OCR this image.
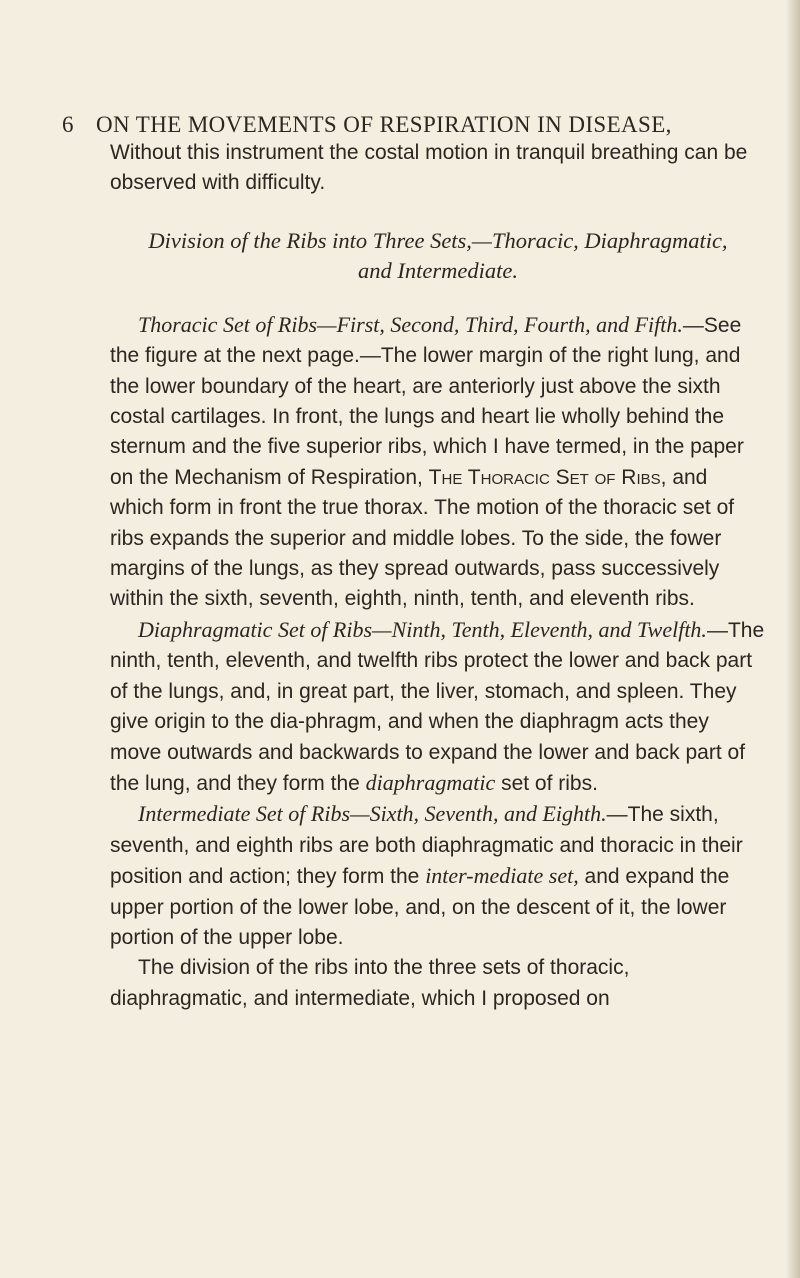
6 ON THE MOVEMENTS OF RESPIRATION IN DISEASE,

Without this instrument the costal motion in tranquil breathing can be observed with difficulty.

Division of the Ribs into Three Sets,—Thoracic, Diaphragmatic,
and Intermediate.

Thoracic Set of Ribs—First, Second, Third, Fourth, and Fifth.—See the figure at the next page.—The lower margin of the right lung, and the lower boundary of the heart, are anteriorly just above the sixth costal cartilages. In front, the lungs and heart lie wholly behind the sternum and the five superior ribs, which I have termed, in the paper on the Mechanism of Respiration, The Thoracic Set of Ribs, and which form in front the true thorax. The motion of the thoracic set of ribs expands the superior and middle lobes. To the side, the fower margins of the lungs, as they spread outwards, pass successively within the sixth, seventh, eighth, ninth, tenth, and eleventh ribs.

Diaphragmatic Set of Ribs—Ninth, Tenth, Eleventh, and Twelfth.—The ninth, tenth, eleventh, and twelfth ribs protect the lower and back part of the lungs, and, in great part, the liver, stomach, and spleen. They give origin to the dia-phragm, and when the diaphragm acts they move outwards and backwards to expand the lower and back part of the lung, and they form the diaphragmatic set of ribs.

Intermediate Set of Ribs—Sixth, Seventh, and Eighth.—The sixth, seventh, and eighth ribs are both diaphragmatic and thoracic in their position and action; they form the inter-mediate set, and expand the upper portion of the lower lobe, and, on the descent of it, the lower portion of the upper lobe.

The division of the ribs into the three sets of thoracic, diaphragmatic, and intermediate, which I proposed on
